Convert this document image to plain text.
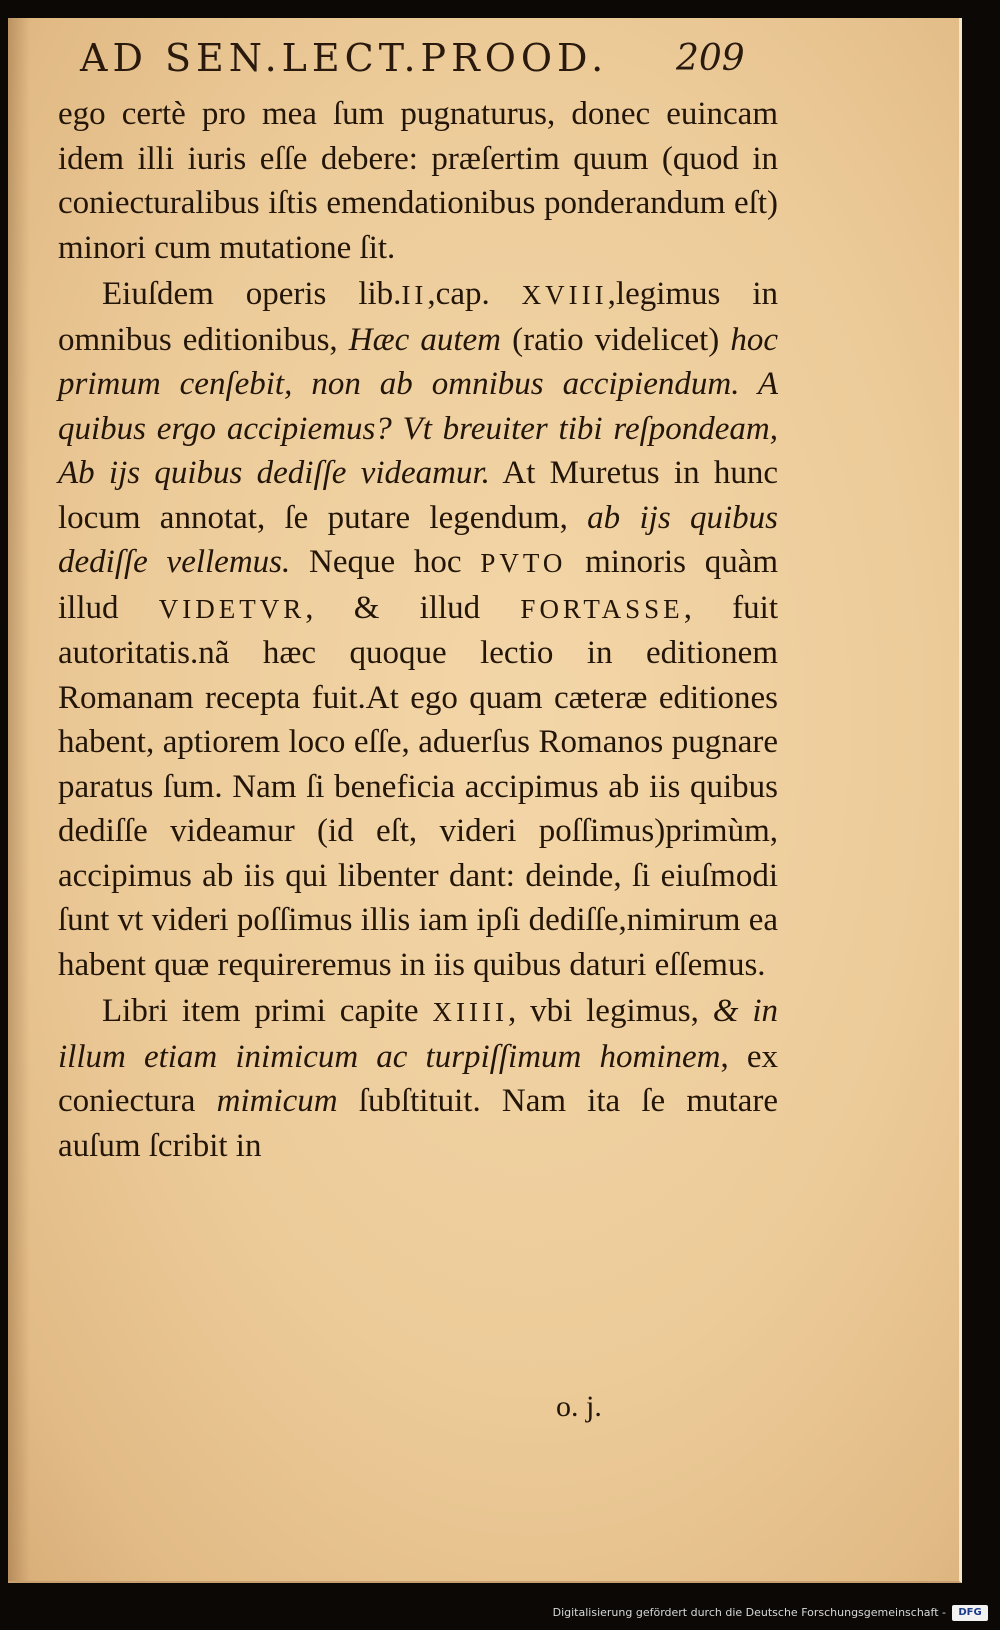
AD SEN.LECT.PROOD. 209

ego certè pro mea ſum pugnaturus, donec euincam idem illi iuris eſſe debere: præſertim quum (quod in coniecturalibus iſtis emendationibus ponderandum eſt) minori cum mutatione ſit.

Eiuſdem operis lib.II,cap. XVIII,legimus in omnibus editionibus, Hæc autem (ratio videlicet) hoc primum cenſebit, non ab omnibus accipiendum. A quibus ergo accipiemus? Vt breuiter tibi reſpondeam, Ab ijs quibus dediſſe videamur. At Muretus in hunc locum annotat, ſe putare legendum, ab ijs quibus dediſſe vellemus. Neque hoc PVTO minoris quàm illud VIDETVR, & illud FORTASSE, fuit autoritatis.nã hæc quoque lectio in editionem Romanam recepta fuit.At ego quam cæteræ editiones habent, aptiorem loco eſſe, aduerſus Romanos pugnare paratus ſum. Nam ſi beneficia accipimus ab iis quibus dediſſe videamur (id eſt, videri poſſimus)primùm, accipimus ab iis qui libenter dant: deinde, ſi eiuſmodi ſunt vt videri poſſimus illis iam ipſi dediſſe,nimirum ea habent quæ requireremus in iis quibus daturi eſſemus.

Libri item primi capite XIIII, vbi legimus, & in illum etiam inimicum ac turpiſſimum hominem, ex coniectura mimicum ſubſtituit. Nam ita ſe mutare auſum ſcribit in

o. j.
Digitalisierung gefördert durch die Deutsche Forschungsgemeinschaft -	DFG
